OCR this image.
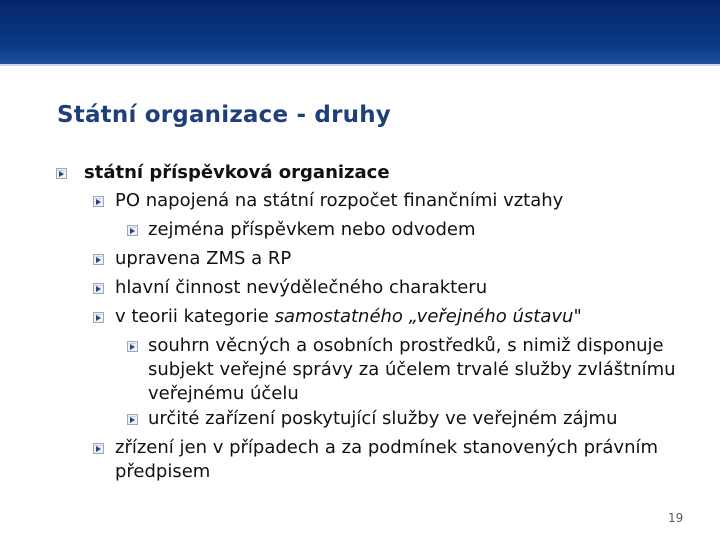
Státní organizace - druhy
státní příspěvková organizace
PO napojená na státní rozpočet finančními vztahy
zejména příspěvkem nebo odvodem
upravena ZMS a RP
hlavní činnost nevýdělečného charakteru
v teorii kategorie samostatného „veřejného ústavu"
souhrn věcných a osobních prostředků, s nimiž disponuje
subjekt veřejné správy za účelem trvalé služby zvláštnímu
veřejnému účelu
určité zařízení poskytující služby ve veřejném zájmu
zřízení jen v případech a za podmínek stanovených právním
předpisem
19
